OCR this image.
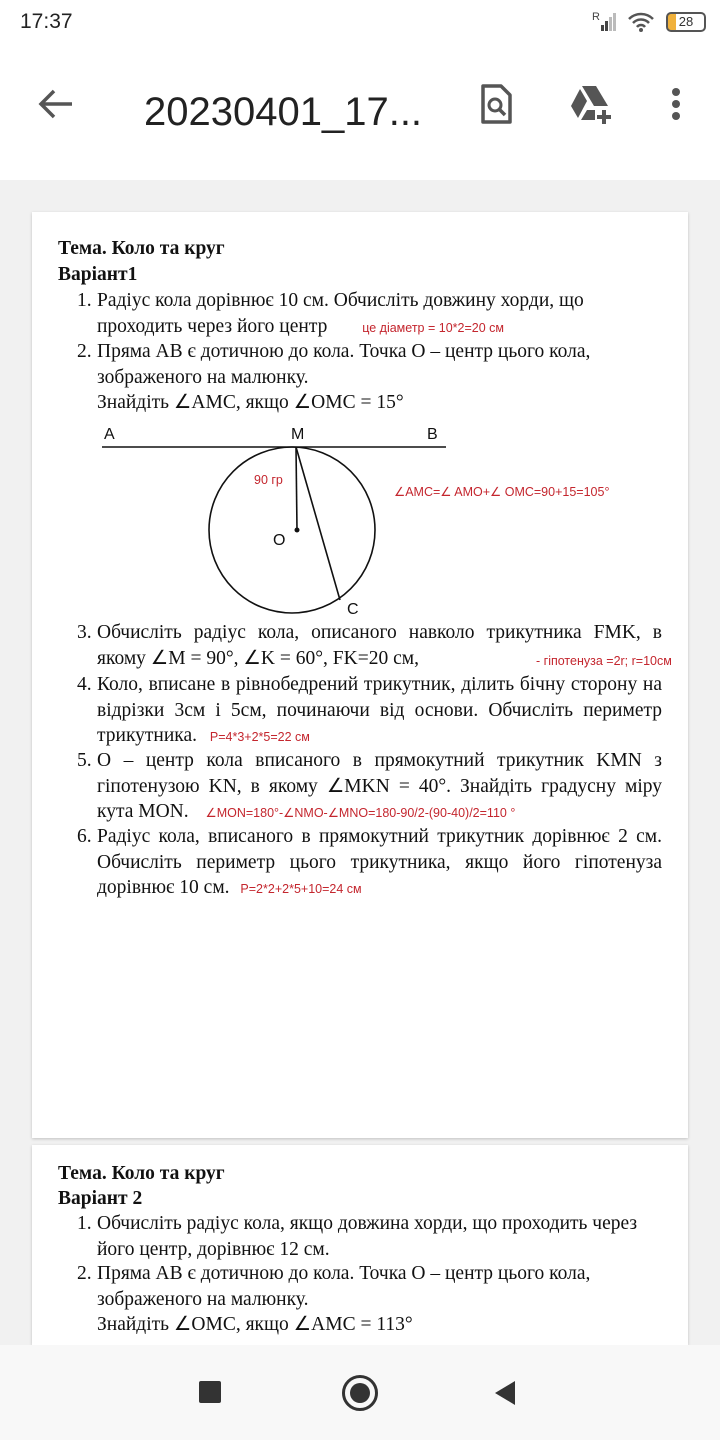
17:37	R	28
20230401_17...
Тема. Коло та круг
Варіант1
1. Радіус кола дорівнює 10 см. Обчисліть довжину хорди, що проходить через його центр	це діаметр = 10*2=20 см
2. Пряма АВ є дотичною до кола. Точка О – центр цього кола, зображеного на малюнку.
Знайдіть ∠AMC, якщо ∠OMC = 15°
A	M	B
O
C
90 гр
∠AMC=∠ AMO+∠ OMC=90+15=105°
3. Обчисліть радіус кола, описаного навколо трикутника FMK, в якому ∠M = 90°, ∠K = 60°, FK=20 см,	- гіпотенуза =2r; r=10см
4. Коло, вписане в рівнобедрений трикутник, ділить бічну сторону на відрізки 3см і 5см, починаючи від основи. Обчисліть периметр трикутника. P=4*3+2*5=22 см
5. О – центр кола вписаного в прямокутний трикутник KMN з гіпотенузою KN, в якому ∠MKN = 40°. Знайдіть градусну міру кута MON. ∠MON=180°-∠NMO-∠MNO=180-90/2-(90-40)/2=110 °
6. Радіус кола, вписаного в прямокутний трикутник дорівнює 2 см. Обчисліть периметр цього трикутника, якщо його гіпотенуза дорівнює 10 см. P=2*2+2*5+10=24 см
Тема. Коло та круг
Варіант 2
1. Обчисліть радіус кола, якщо довжина хорди, що проходить через його центр, дорівнює 12 см.
2. Пряма АВ є дотичною до кола. Точка О – центр цього кола, зображеного на малюнку.
Знайдіть ∠OMC, якщо ∠AMC = 113°
